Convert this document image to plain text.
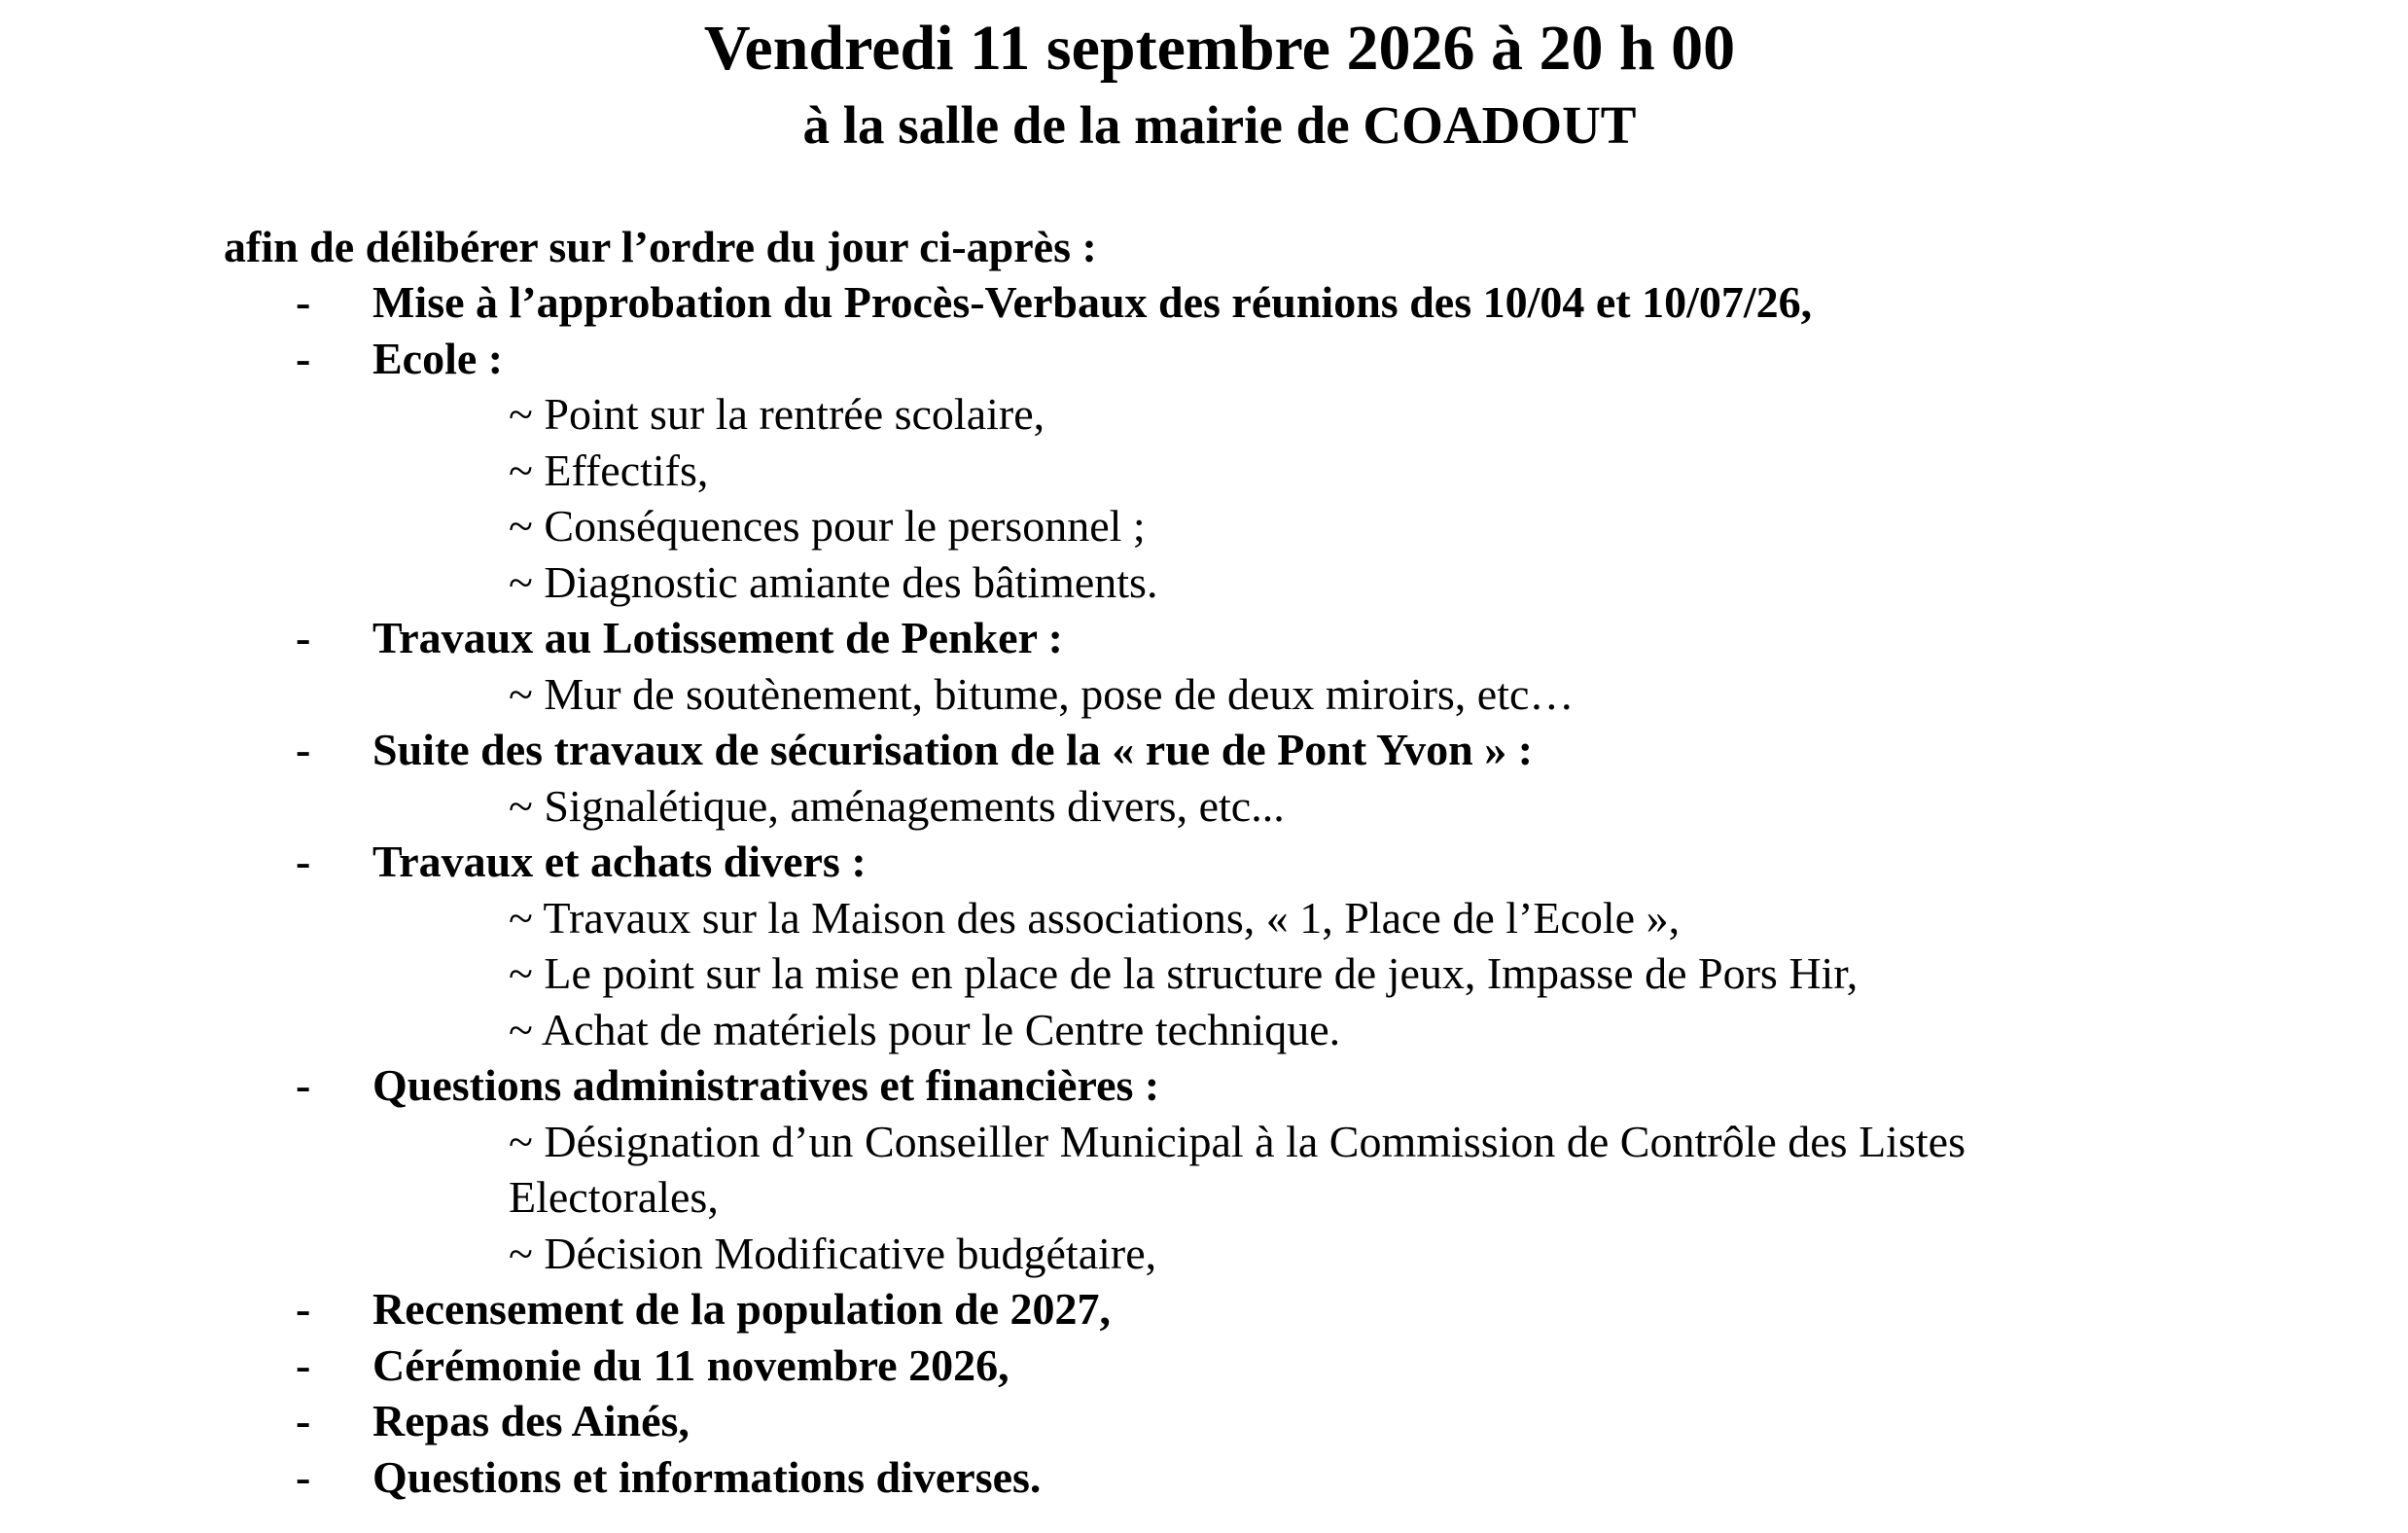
Vendredi 11 septembre 2026 à 20 h 00
à la salle de la mairie de COADOUT
afin de délibérer sur l’ordre du jour ci-après :
-	Mise à l’approbation du Procès-Verbaux des réunions des 10/04 et 10/07/26,
-	Ecole :
~ Point sur la rentrée scolaire,
~ Effectifs,
~ Conséquences pour le personnel ;
~ Diagnostic amiante des bâtiments.
-	Travaux au Lotissement de Penker :
~ Mur de soutènement, bitume, pose de deux miroirs, etc…
-	Suite des travaux de sécurisation de la « rue de Pont Yvon » :
~ Signalétique, aménagements divers, etc...
-	Travaux et achats divers :
~ Travaux sur la Maison des associations, « 1, Place de l’Ecole »,
~ Le point sur la mise en place de la structure de jeux, Impasse de Pors Hir,
~ Achat de matériels pour le Centre technique.
-	Questions administratives et financières :
~ Désignation d’un Conseiller Municipal à la Commission de Contrôle des Listes Electorales,
~ Décision Modificative budgétaire,
-	Recensement de la population de 2027,
-	Cérémonie du 11 novembre 2026,
-	Repas des Ainés,
-	Questions et informations diverses.
